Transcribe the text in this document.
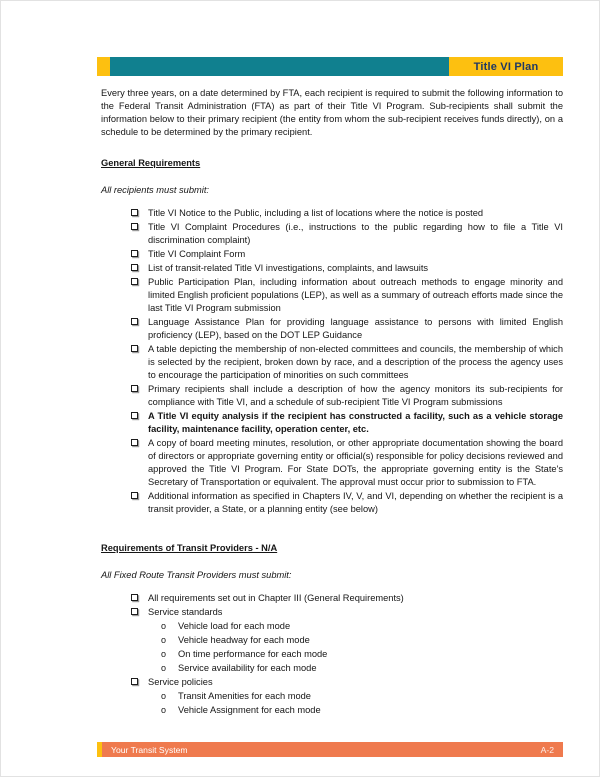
Title VI Plan

Every three years, on a date determined by FTA, each recipient is required to submit the following information to the Federal Transit Administration (FTA) as part of their Title VI Program. Sub-recipients shall submit the information below to their primary recipient (the entity from whom the sub-recipient receives funds directly), on a schedule to be determined by the primary recipient.

General Requirements
All recipients must submit:
Title VI Notice to the Public, including a list of locations where the notice is posted
Title VI Complaint Procedures (i.e., instructions to the public regarding how to file a Title VI discrimination complaint)
Title VI Complaint Form
List of transit-related Title VI investigations, complaints, and lawsuits
Public Participation Plan, including information about outreach methods to engage minority and limited English proficient populations (LEP), as well as a summary of outreach efforts made since the last Title VI Program submission
Language Assistance Plan for providing language assistance to persons with limited English proficiency (LEP), based on the DOT LEP Guidance
A table depicting the membership of non-elected committees and councils, the membership of which is selected by the recipient, broken down by race, and a description of the process the agency uses to encourage the participation of minorities on such committees
Primary recipients shall include a description of how the agency monitors its sub-recipients for compliance with Title VI, and a schedule of sub-recipient Title VI Program submissions
A Title VI equity analysis if the recipient has constructed a facility, such as a vehicle storage facility, maintenance facility, operation center, etc.
A copy of board meeting minutes, resolution, or other appropriate documentation showing the board of directors or appropriate governing entity or official(s) responsible for policy decisions reviewed and approved the Title VI Program. For State DOTs, the appropriate governing entity is the State's Secretary of Transportation or equivalent. The approval must occur prior to submission to FTA.
Additional information as specified in Chapters IV, V, and VI, depending on whether the recipient is a transit provider, a State, or a planning entity (see below)
Requirements of Transit Providers - N/A
All Fixed Route Transit Providers must submit:
All requirements set out in Chapter III (General Requirements)
Service standards
o	Vehicle load for each mode
o	Vehicle headway for each mode
o	On time performance for each mode
o	Service availability for each mode
Service policies
o	Transit Amenities for each mode
o	Vehicle Assignment for each mode
Your Transit System	A-2
